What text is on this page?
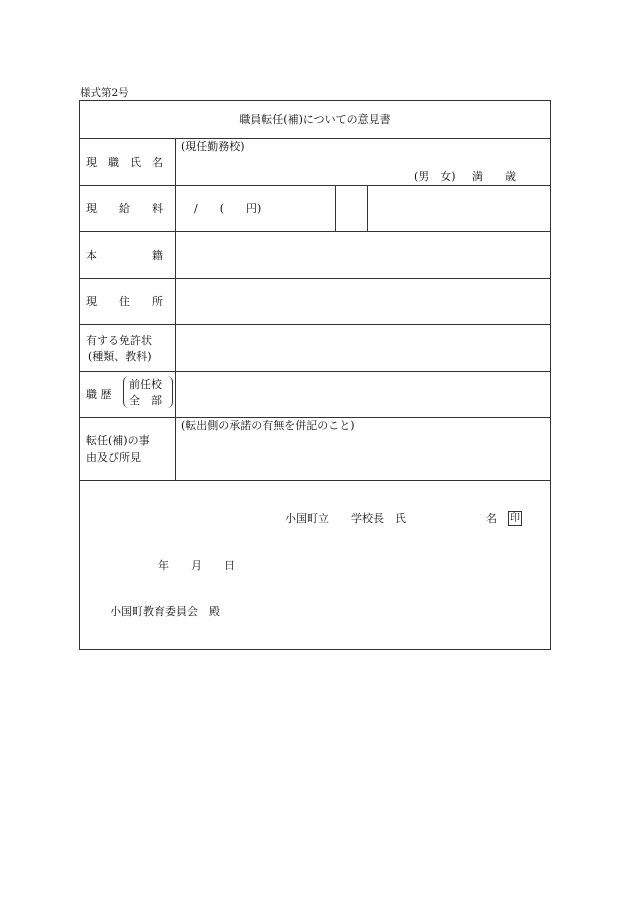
様式第2号
職員転任(補)についての意見書
現　職　氏　名
(現任勤務校)
(男　女) 満　　歳
現　　給　　料	/　　(　　円)
本　　　　　籍
現　　住　　所
有する免許状
(種類、教科)
職 歴
前任校
全　部
転任(補)の事
由及び所見
(転出側の承諾の有無を併記のこと)
小国町立　　学校長　氏	名 印
年　　月　　日
小国町教育委員会　殿
